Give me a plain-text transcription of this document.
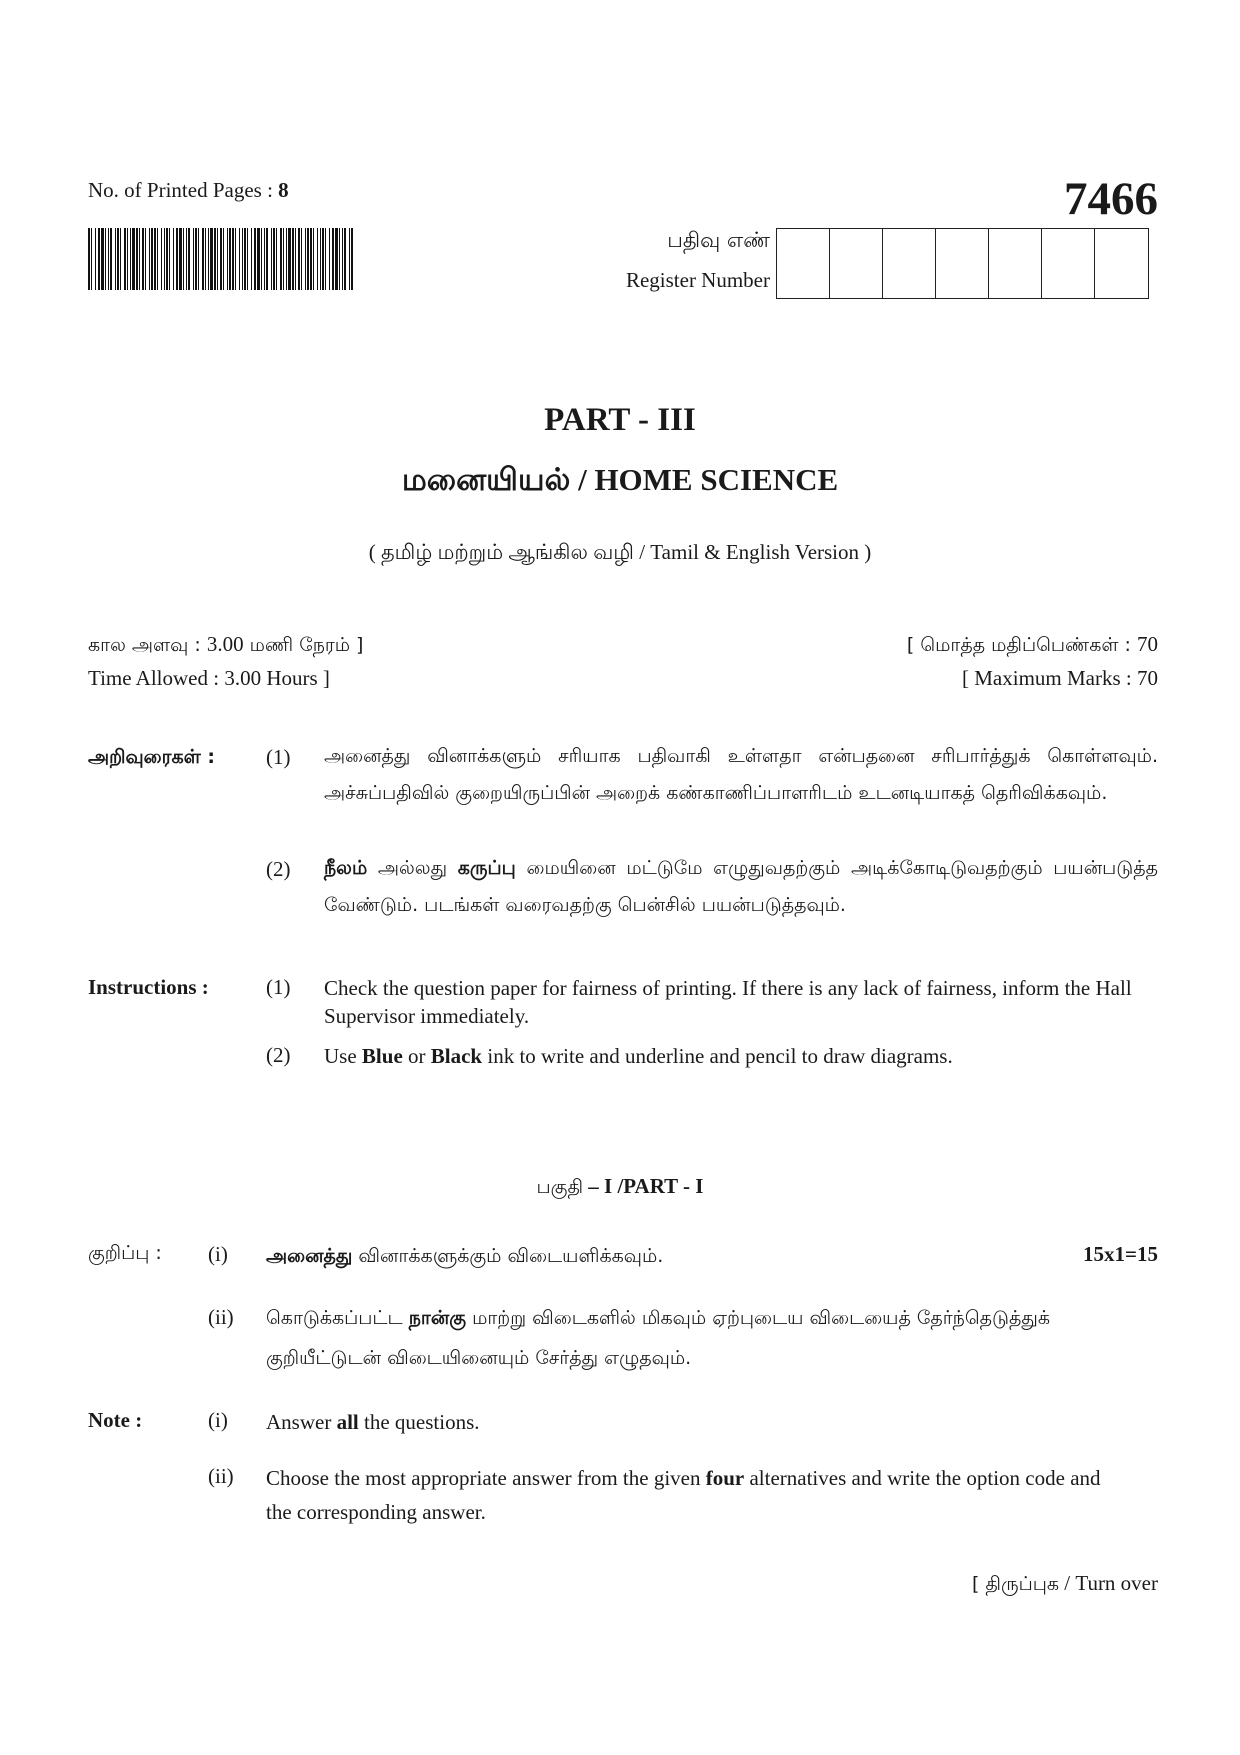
No. of Printed Pages : 8	7466
பதிவு எண்
Register Number
PART - III
மனையியல் / HOME SCIENCE
( தமிழ் மற்றும் ஆங்கில வழி / Tamil & English Version )
கால அளவு : 3.00 மணி நேரம் ]
Time Allowed : 3.00 Hours ]
[ மொத்த மதிப்பெண்கள் : 70
[ Maximum Marks : 70
அறிவுரைகள் : (1) அனைத்து வினாக்களும் சரியாக பதிவாகி உள்ளதா என்பதனை சரிபார்த்துக் கொள்ளவும். அச்சுப்பதிவில் குறையிருப்பின் அறைக் கண்காணிப்பாளரிடம் உடனடியாகத் தெரிவிக்கவும்.
(2) நீலம் அல்லது கருப்பு மையினை மட்டுமே எழுதுவதற்கும் அடிக்கோடிடுவதற்கும் பயன்படுத்த வேண்டும். படங்கள் வரைவதற்கு பென்சில் பயன்படுத்தவும்.
Instructions :	(1) Check the question paper for fairness of printing. If there is any lack of fairness, inform the Hall Supervisor immediately.
(2) Use Blue or Black ink to write and underline and pencil to draw diagrams.
பகுதி – I /PART - I
குறிப்பு : (i) அனைத்து வினாக்களுக்கும் விடையளிக்கவும்.	15x1=15
(ii) கொடுக்கப்பட்ட நான்கு மாற்று விடைகளில் மிகவும் ஏற்புடைய விடையைத் தேர்ந்தெடுத்துக் குறியீட்டுடன் விடையினையும் சேர்த்து எழுதவும்.
Note :	(i) Answer all the questions.
(ii) Choose the most appropriate answer from the given four alternatives and write the option code and the corresponding answer.
[ திருப்புக / Turn over
